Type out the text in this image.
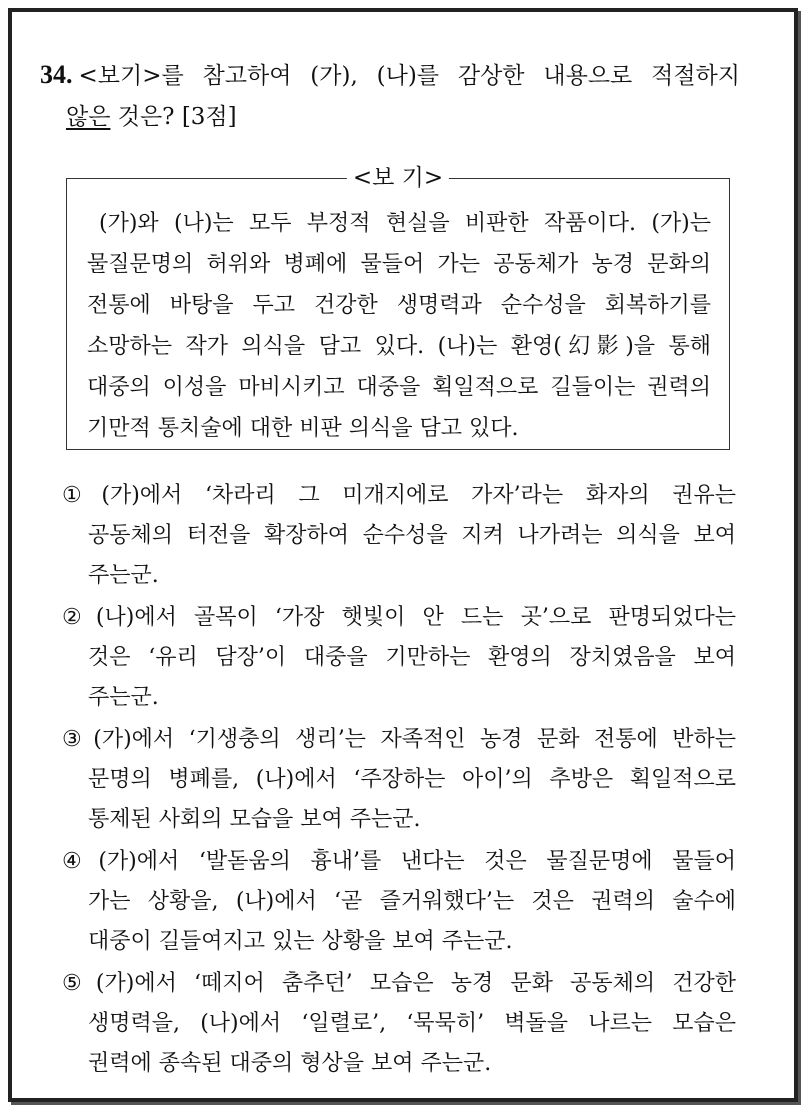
34. <보기>를 참고하여 (가), (나)를 감상한 내용으로 적절하지
않은 것은? [3점]
<보 기>
(가)와 (나)는 모두 부정적 현실을 비판한 작품이다. (가)는
물질문명의 허위와 병폐에 물들어 가는 공동체가 농경 문화의
전통에 바탕을 두고 건강한 생명력과 순수성을 회복하기를
소망하는 작가 의식을 담고 있다. (나)는 환영(幻影)을 통해
대중의 이성을 마비시키고 대중을 획일적으로 길들이는 권력의
기만적 통치술에 대한 비판 의식을 담고 있다.
① (가)에서 ‘차라리 그 미개지에로 가자’라는 화자의 권유는
공동체의 터전을 확장하여 순수성을 지켜 나가려는 의식을 보여
주는군.
② (나)에서 골목이 ‘가장 햇빛이 안 드는 곳’으로 판명되었다는
것은 ‘유리 담장’이 대중을 기만하는 환영의 장치였음을 보여
주는군.
③ (가)에서 ‘기생충의 생리’는 자족적인 농경 문화 전통에 반하는
문명의 병폐를, (나)에서 ‘주장하는 아이’의 추방은 획일적으로
통제된 사회의 모습을 보여 주는군.
④ (가)에서 ‘발돋움의 흉내’를 낸다는 것은 물질문명에 물들어
가는 상황을, (나)에서 ‘곧 즐거워했다’는 것은 권력의 술수에
대중이 길들여지고 있는 상황을 보여 주는군.
⑤ (가)에서 ‘떼지어 춤추던’ 모습은 농경 문화 공동체의 건강한
생명력을, (나)에서 ‘일렬로’, ‘묵묵히’ 벽돌을 나르는 모습은
권력에 종속된 대중의 형상을 보여 주는군.
